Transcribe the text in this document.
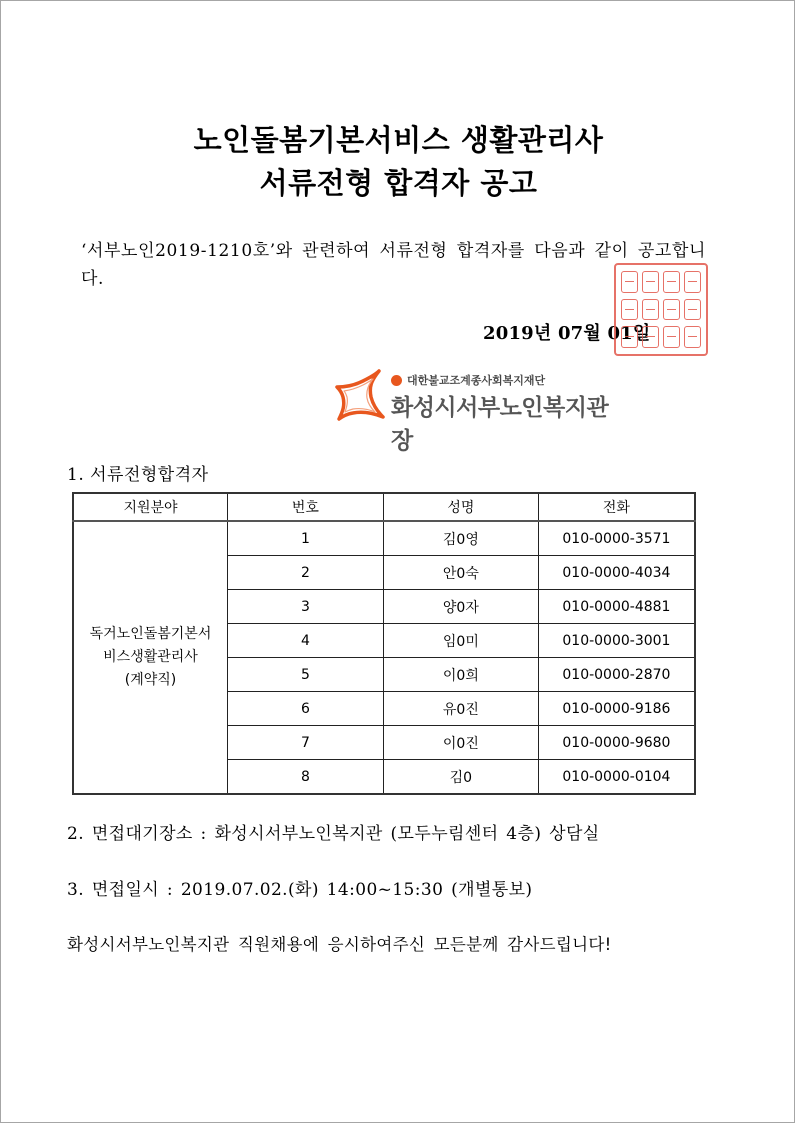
노인돌봄기본서비스 생활관리사
서류전형 합격자 공고
‘서부노인2019-1210호’와 관련하여 서류전형 합격자를 다음과 같이 공고합니다.
2019년 07월 01일
대한불교조계종사회복지재단
화성시서부노인복지관장
1. 서류전형합격자
지원분야	번호	성명	전화

독거노인돌봄기본서
비스생활관리사
(계약직)	1	김0영	010-0000-3571
	2	안0숙	010-0000-4034
	3	양0자	010-0000-4881
	4	임0미	010-0000-3001
	5	이0희	010-0000-2870
	6	유0진	010-0000-9186
	7	이0진	010-0000-9680
	8	김0	010-0000-0104
2. 면접대기장소 : 화성시서부노인복지관 (모두누림센터 4층) 상담실
3. 면접일시 : 2019.07.02.(화) 14:00~15:30 (개별통보)
화성시서부노인복지관 직원채용에 응시하여주신 모든분께 감사드립니다!
